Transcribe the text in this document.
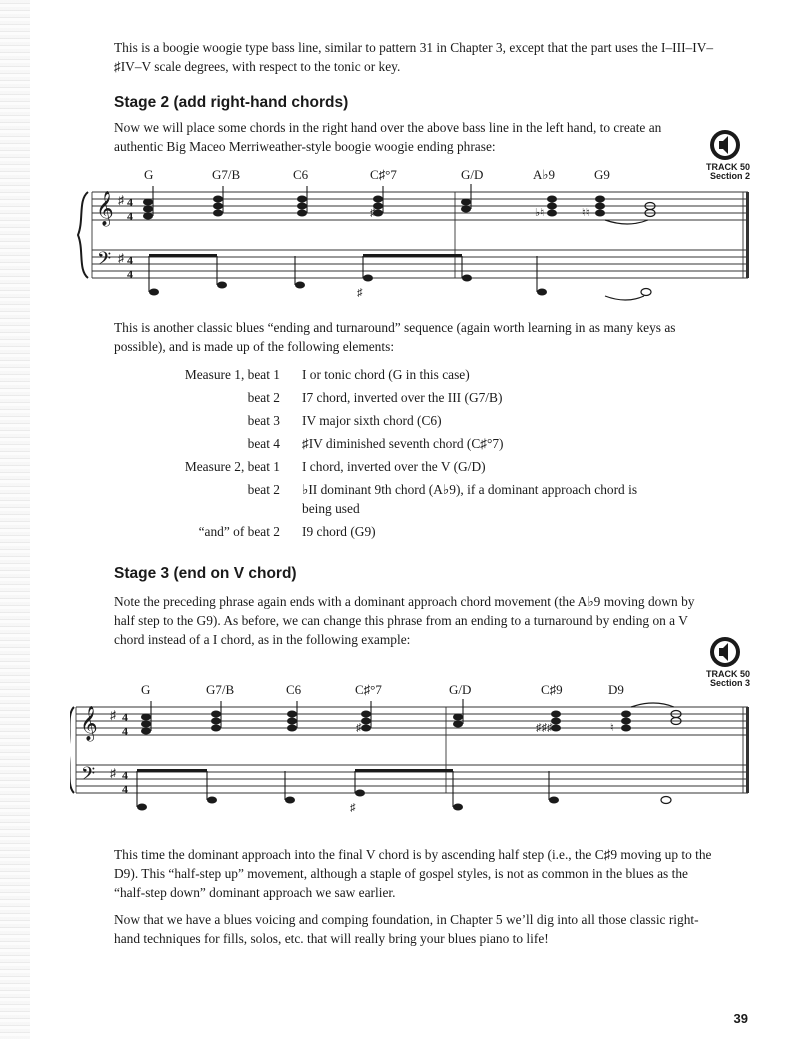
This is a boogie woogie type bass line, similar to pattern 31 in Chapter 3, except that the part uses the I–III–IV–♯IV–V scale degrees, with respect to the tonic or key.

Stage 2 (add right-hand chords)

Now we will place some chords in the right hand over the above bass line in the left hand, to create an authentic Big Maceo Merriweather-style boogie woogie ending phrase:

TRACK 50
Section 2
G	G7/B	C6	C♯°7	G/D	A♭9	G9
𝄞
𝄢
♯
♯
4
4
4
4
♯
♭♮	♮♮
♯

This is another classic blues “ending and turnaround” sequence (again worth learning in as many keys as possible), and is made up of the following elements:

Measure 1, beat 1 I or tonic chord (G in this case)
beat 2 I7 chord, inverted over the III (G7/B)
beat 3 IV major sixth chord (C6)
beat 4 ♯IV diminished seventh chord (C♯°7)
Measure 2, beat 1 I chord, inverted over the V (G/D)
beat 2 ♭II dominant 9th chord (A♭9), if a dominant approach chord is being used
“and” of beat 2 I9 chord (G9)
Stage 3 (end on V chord)

Note the preceding phrase again ends with a dominant approach chord movement (the A♭9 moving down by half step to the G9). As before, we can change this phrase from an ending to a turnaround by ending on a V chord instead of a I chord, as in the following example:

TRACK 50
Section 3
G	G7/B	C6	C♯°7	G/D	C♯9	D9
𝄞
𝄢
♯
♯
4
4
4
4
♯
♯♯♯	♮
♯

This time the dominant approach into the final V chord is by ascending half step (i.e., the C♯9 moving up to the D9). This “half-step up” movement, although a staple of gospel styles, is not as common in the blues as the “half-step down” dominant approach we saw earlier.

Now that we have a blues voicing and comping foundation, in Chapter 5 we’ll dig into all those classic right-hand techniques for fills, solos, etc. that will really bring your blues piano to life!

39
